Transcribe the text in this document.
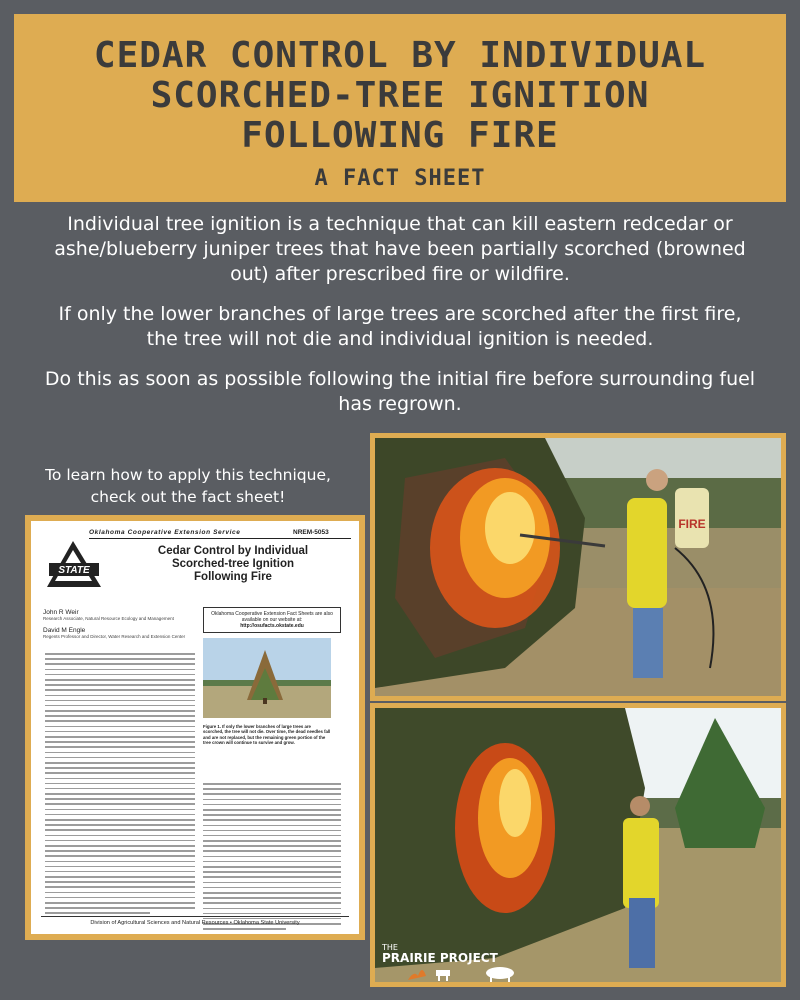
CEDAR CONTROL BY INDIVIDUAL
SCORCHED-TREE IGNITION
FOLLOWING FIRE
A FACT SHEET

Individual tree ignition is a technique that can kill eastern redcedar or ashe/blueberry juniper trees that have been partially scorched (browned out) after prescribed fire or wildfire.

If only the lower branches of large trees are scorched after the first fire, the tree will not die and individual ignition is needed.

Do this as soon as possible following the initial fire before surrounding fuel has regrown.

To learn how to apply this technique,
check out the fact sheet!
Oklahoma Cooperative Extension Service	NREM-5053
STATE
Cedar Control by Individual
Scorched-tree Ignition
Following Fire
John R Weir
Research Associate, Natural Resource Ecology and Management
David M Engle
Regents Professor and Director, Water Research and Extension Center
Oklahoma Cooperative Extension Fact Sheets are also available on our website at:
http://osufacts.okstate.edu
Figure 1. If only the lower branches of large trees are scorched, the tree will not die. Over time, the dead needles fall and are not replaced, but the remaining green portion of the tree crown will continue to survive and grow.
Division of Agricultural Sciences and Natural Resources • Oklahoma State University
FIRE
THE
PRAIRIE PROJECT
